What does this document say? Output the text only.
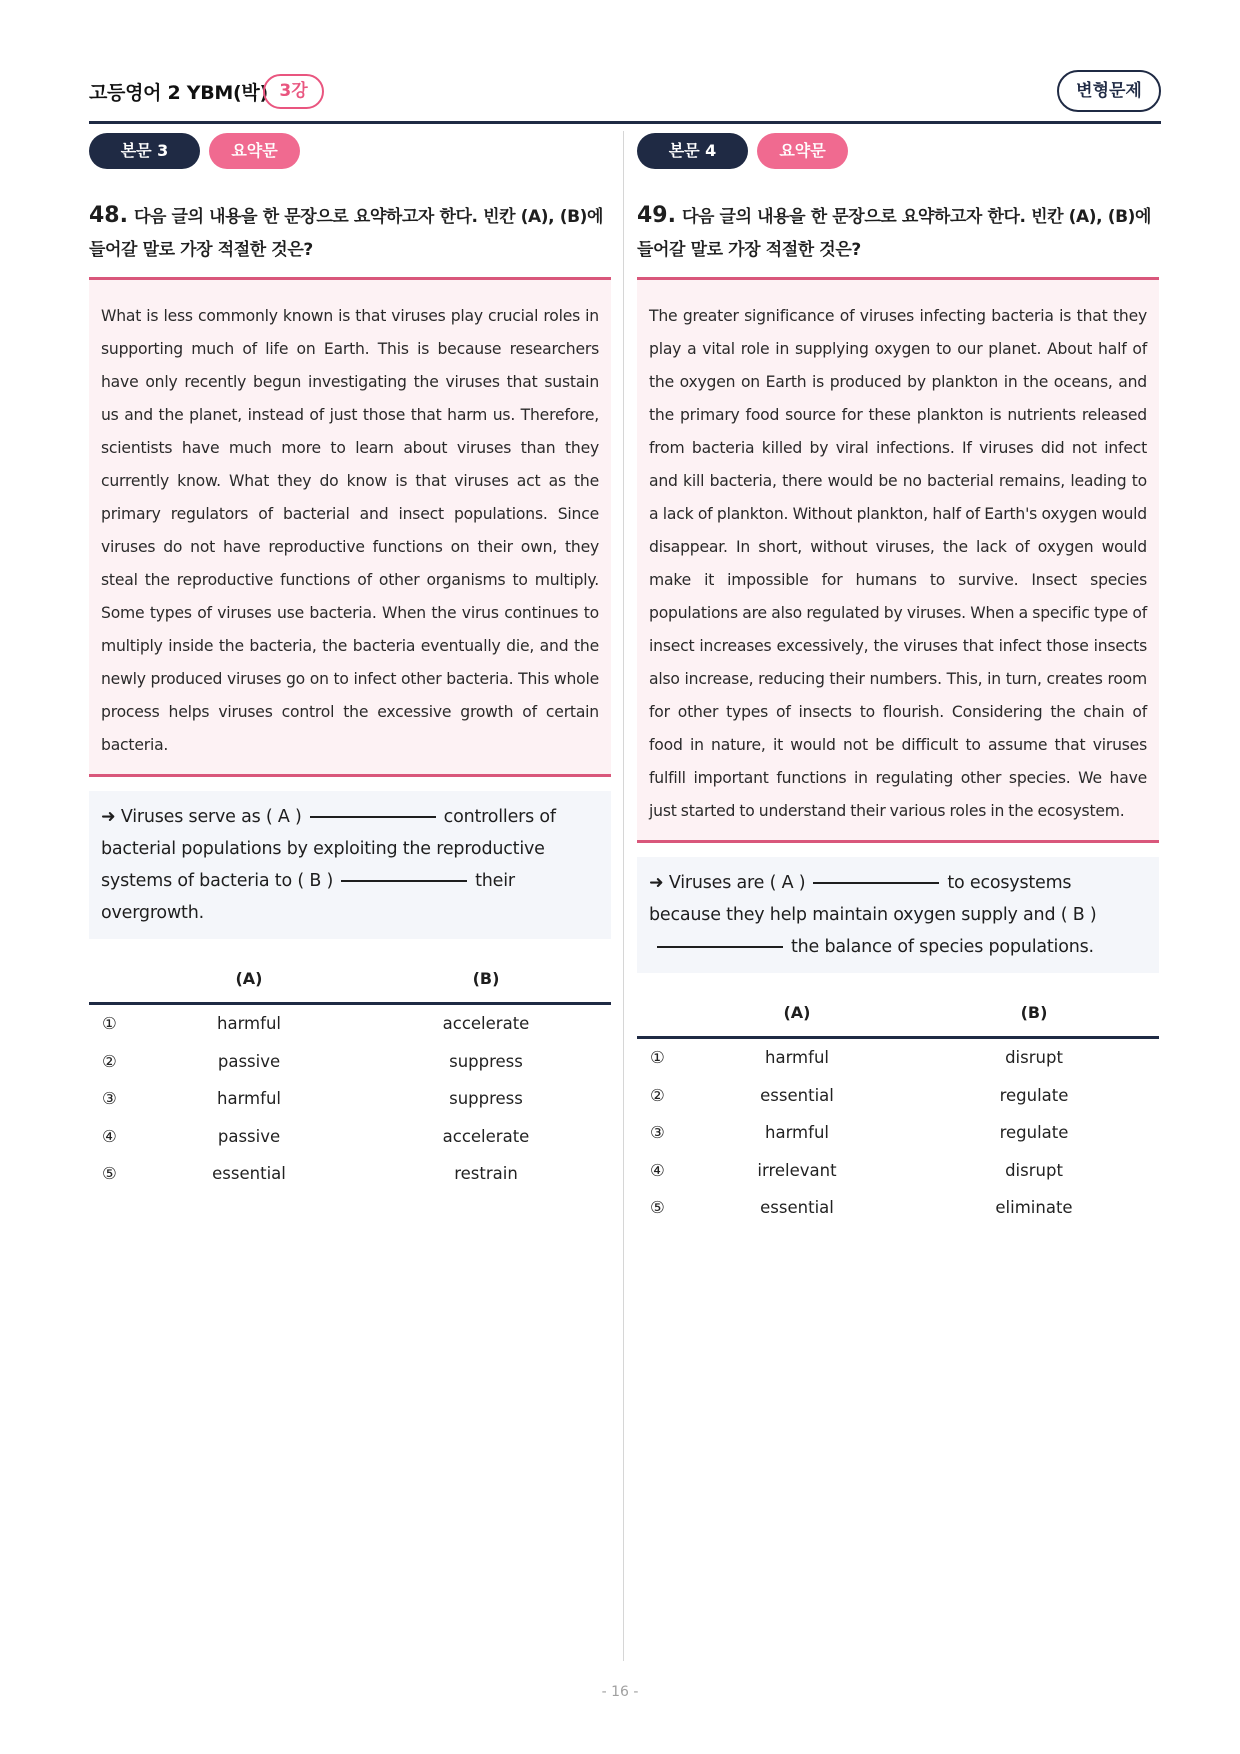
고등영어 2 YBM(박) 3강	변형문제
본문 3	요약문
48. 다음 글의 내용을 한 문장으로 요약하고자 한다. 빈칸 (A), (B)에 들어갈 말로 가장 적절한 것은?
What is less commonly known is that viruses play crucial roles in supporting much of life on Earth. This is because researchers have only recently begun investigating the viruses that sustain us and the planet, instead of just those that harm us. Therefore, scientists have much more to learn about viruses than they currently know. What they do know is that viruses act as the primary regulators of bacterial and insect populations. Since viruses do not have reproductive functions on their own, they steal the reproductive functions of other organisms to multiply. Some types of viruses use bacteria. When the virus continues to multiply inside the bacteria, the bacteria eventually die, and the newly produced viruses go on to infect other bacteria. This whole process helps viruses control the excessive growth of certain bacteria.
➜ Viruses serve as ( A )	controllers of bacterial populations by exploiting the reproductive systems of bacteria to ( B )	their overgrowth.
(A)	(B)
①	harmful	accelerate
②	passive	suppress
③	harmful	suppress
④	passive	accelerate
⑤	essential	restrain
본문 4	요약문
49. 다음 글의 내용을 한 문장으로 요약하고자 한다. 빈칸 (A), (B)에 들어갈 말로 가장 적절한 것은?
The greater significance of viruses infecting bacteria is that they play a vital role in supplying oxygen to our planet. About half of the oxygen on Earth is produced by plankton in the oceans, and the primary food source for these plankton is nutrients released from bacteria killed by viral infections. If viruses did not infect and kill bacteria, there would be no bacterial remains, leading to a lack of plankton. Without plankton, half of Earth's oxygen would disappear. In short, without viruses, the lack of oxygen would make it impossible for humans to survive. Insect species populations are also regulated by viruses. When a specific type of insect increases excessively, the viruses that infect those insects also increase, reducing their numbers. This, in turn, creates room for other types of insects to flourish. Considering the chain of food in nature, it would not be difficult to assume that viruses fulfill important functions in regulating other species. We have just started to understand their various roles in the ecosystem.
➜ Viruses are ( A )	to ecosystems because they help maintain oxygen supply and ( B )the balance of species populations.
(A)	(B)
①	harmful	disrupt
②	essential	regulate
③	harmful	regulate
④	irrelevant	disrupt
⑤	essential	eliminate
- 16 -
